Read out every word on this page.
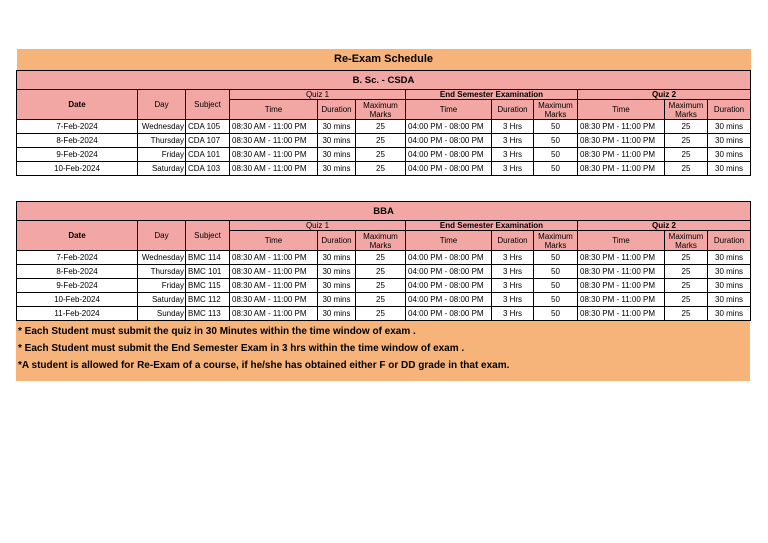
Re-Exam Schedule											
B. Sc. - CSDA											
Date	Day	Subject	Quiz 1			End Semester Examination			Quiz 2		
			Time	Duration	Maximum Marks	Time	Duration	Maximum Marks	Time	Maximum Marks	Duration
7-Feb-2024	Wednesday	CDA 105	08:30 AM - 11:00 PM	30 mins	25	04:00 PM - 08:00 PM	3 Hrs	50	08:30 PM - 11:00 PM	25	30 mins
8-Feb-2024	Thursday	CDA 107	08:30 AM - 11:00 PM	30 mins	25	04:00 PM - 08:00 PM	3 Hrs	50	08:30 PM - 11:00 PM	25	30 mins
9-Feb-2024	Friday	CDA 101	08:30 AM - 11:00 PM	30 mins	25	04:00 PM - 08:00 PM	3 Hrs	50	08:30 PM - 11:00 PM	25	30 mins
10-Feb-2024	Saturday	CDA 103	08:30 AM - 11:00 PM	30 mins	25	04:00 PM - 08:00 PM	3 Hrs	50	08:30 PM - 11:00 PM	25	30 mins
BBA											
Date	Day	Subject	Quiz 1			End Semester Examination			Quiz 2		
			Time	Duration	Maximum Marks	Time	Duration	Maximum Marks	Time	Maximum Marks	Duration
7-Feb-2024	Wednesday	BMC 114	08:30 AM - 11:00 PM	30 mins	25	04:00 PM - 08:00 PM	3 Hrs	50	08:30 PM - 11:00 PM	25	30 mins
8-Feb-2024	Thursday	BMC 101	08:30 AM - 11:00 PM	30 mins	25	04:00 PM - 08:00 PM	3 Hrs	50	08:30 PM - 11:00 PM	25	30 mins
9-Feb-2024	Friday	BMC 115	08:30 AM - 11:00 PM	30 mins	25	04:00 PM - 08:00 PM	3 Hrs	50	08:30 PM - 11:00 PM	25	30 mins
10-Feb-2024	Saturday	BMC 112	08:30 AM - 11:00 PM	30 mins	25	04:00 PM - 08:00 PM	3 Hrs	50	08:30 PM - 11:00 PM	25	30 mins
11-Feb-2024	Sunday	BMC 113	08:30 AM - 11:00 PM	30 mins	25	04:00 PM - 08:00 PM	3 Hrs	50	08:30 PM - 11:00 PM	25	30 mins
* Each Student must submit the quiz in 30 Minutes within the time window of exam .
* Each Student must submit the End Semester Exam in 3 hrs within the time window of exam .
*A student is allowed for Re-Exam of a course, if he/she has obtained either F or DD grade in that exam.
